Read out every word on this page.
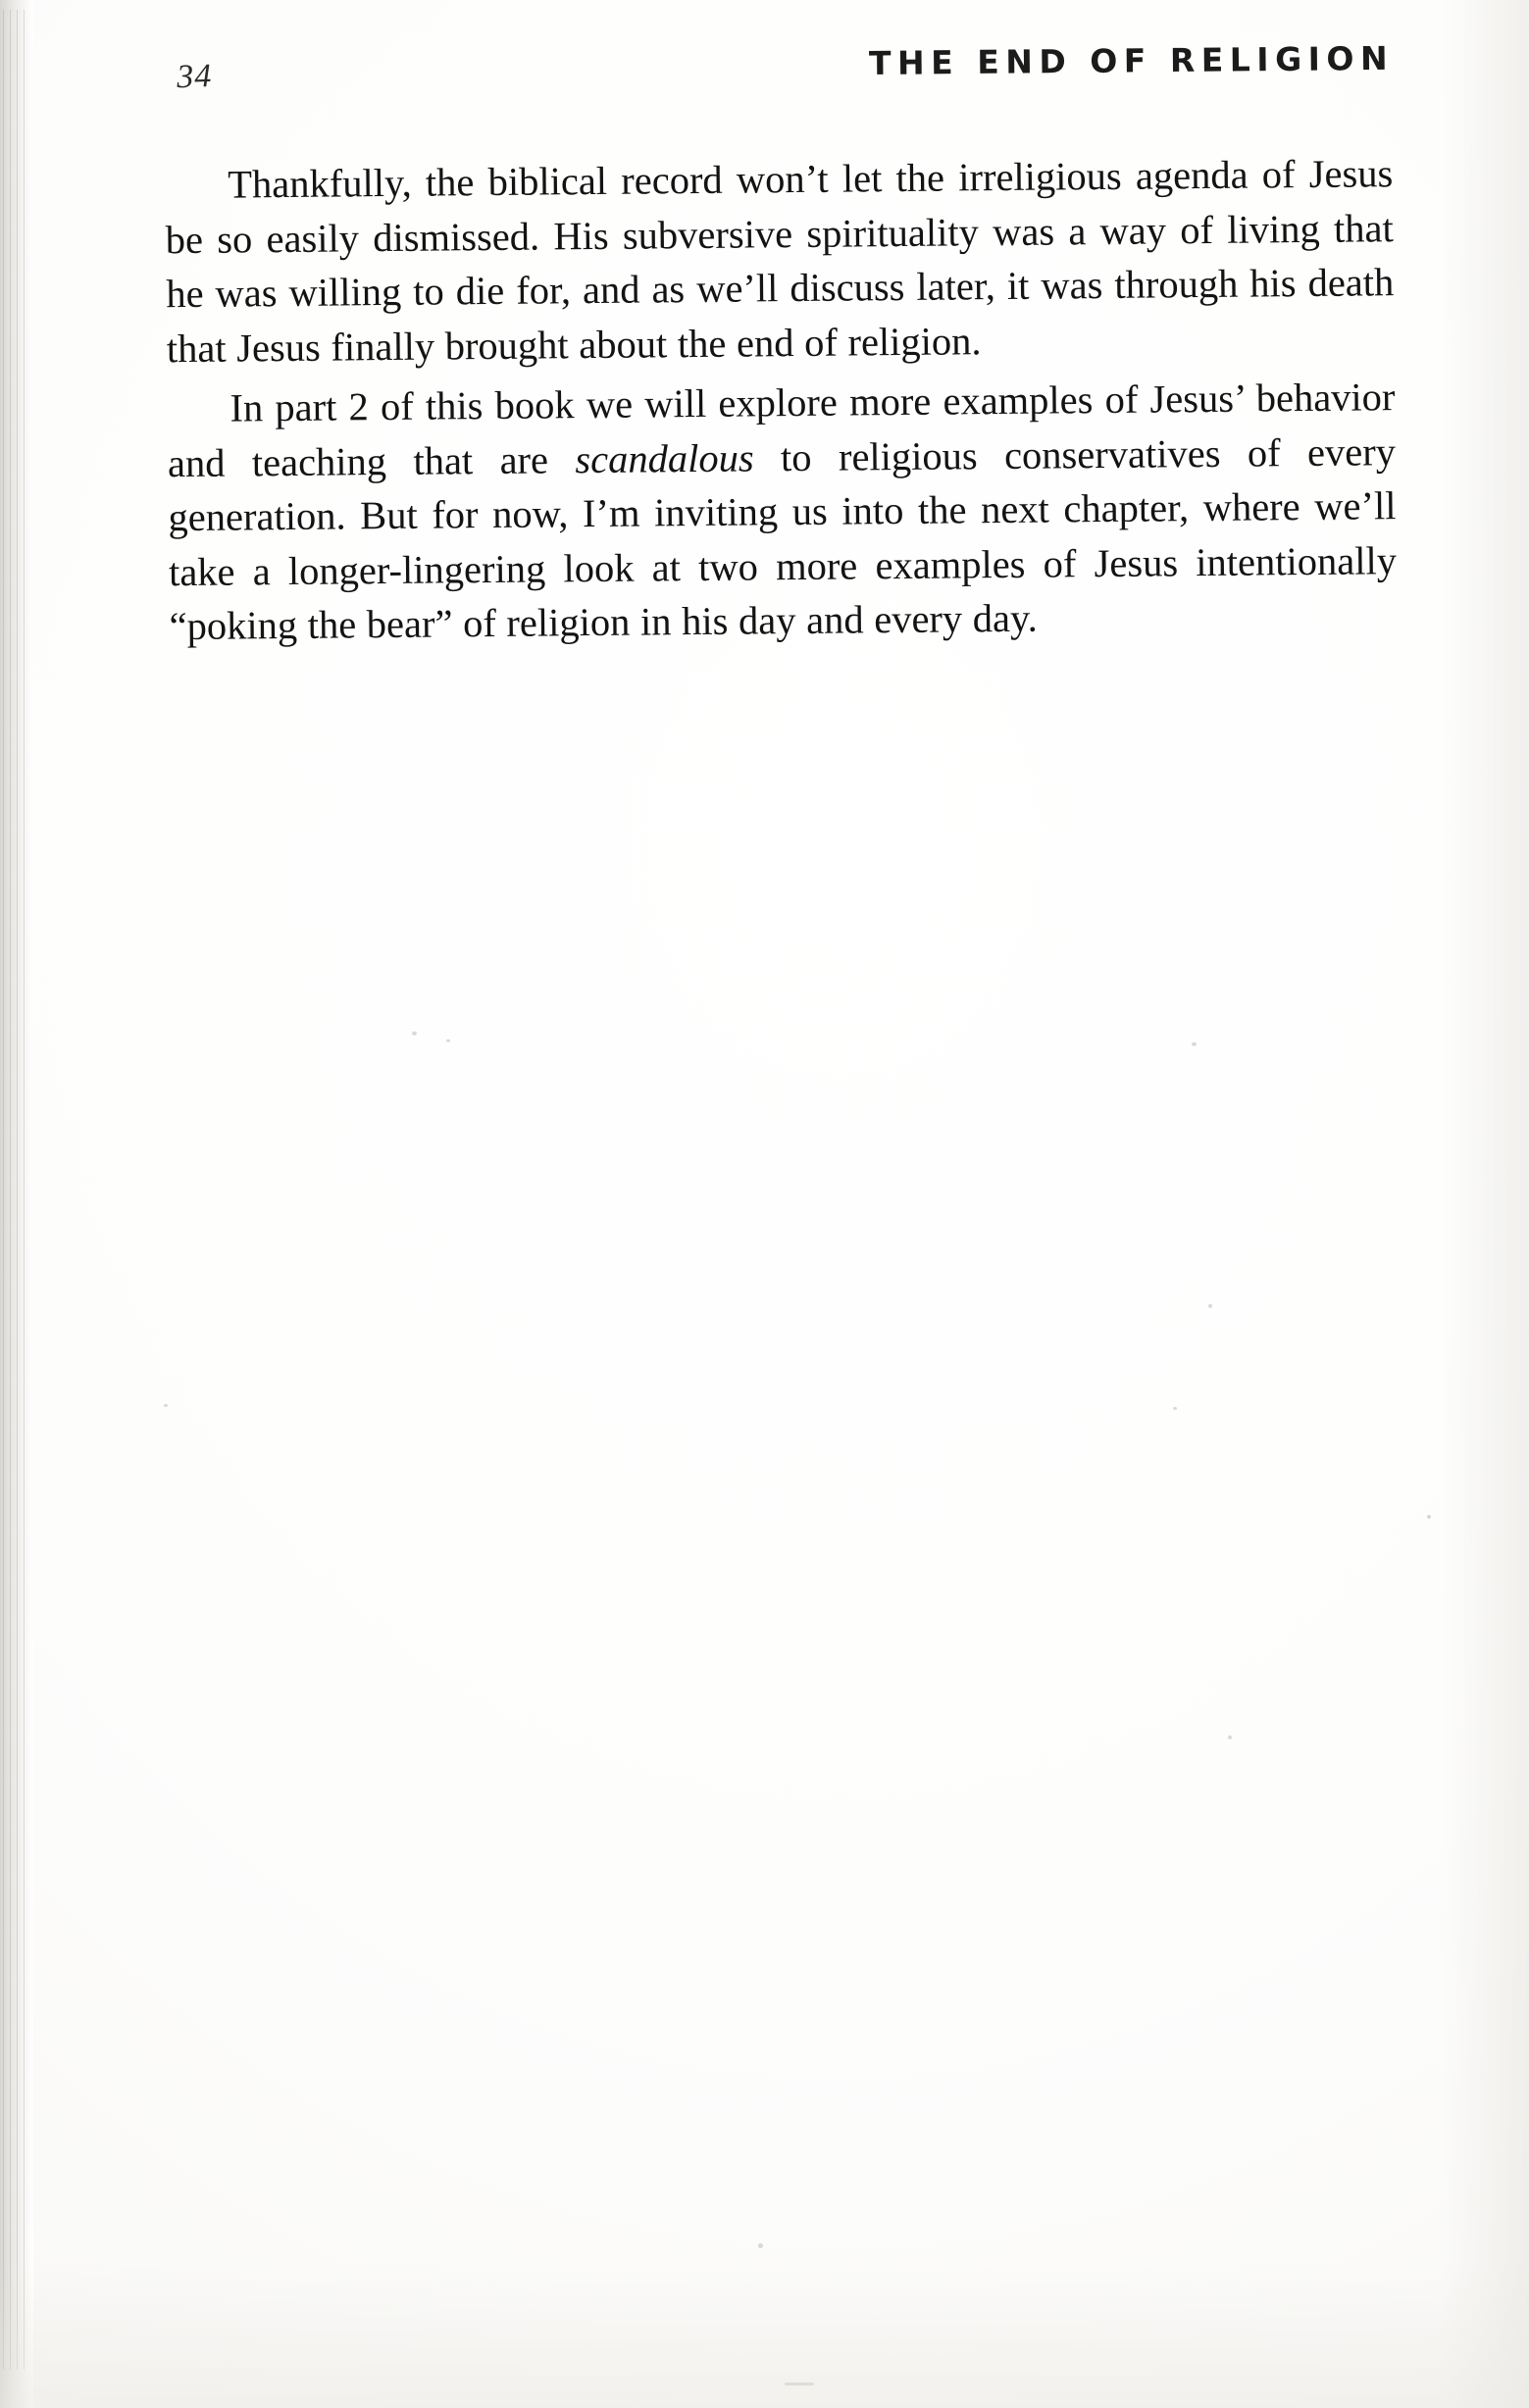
34	THE END OF RELIGION

Thankfully, the biblical record won’t let the irreligious agenda of Jesus be so easily dismissed. His subversive spirituality was a way of living that he was willing to die for, and as we’ll discuss later, it was through his death that Jesus finally brought about the end of religion.

In part 2 of this book we will explore more examples of Jesus’ behavior and teaching that are scandalous to religious conservatives of every generation. But for now, I’m inviting us into the next chapter, where we’ll take a longer-lingering look at two more examples of Jesus intentionally “poking the bear” of religion in his day and every day.
